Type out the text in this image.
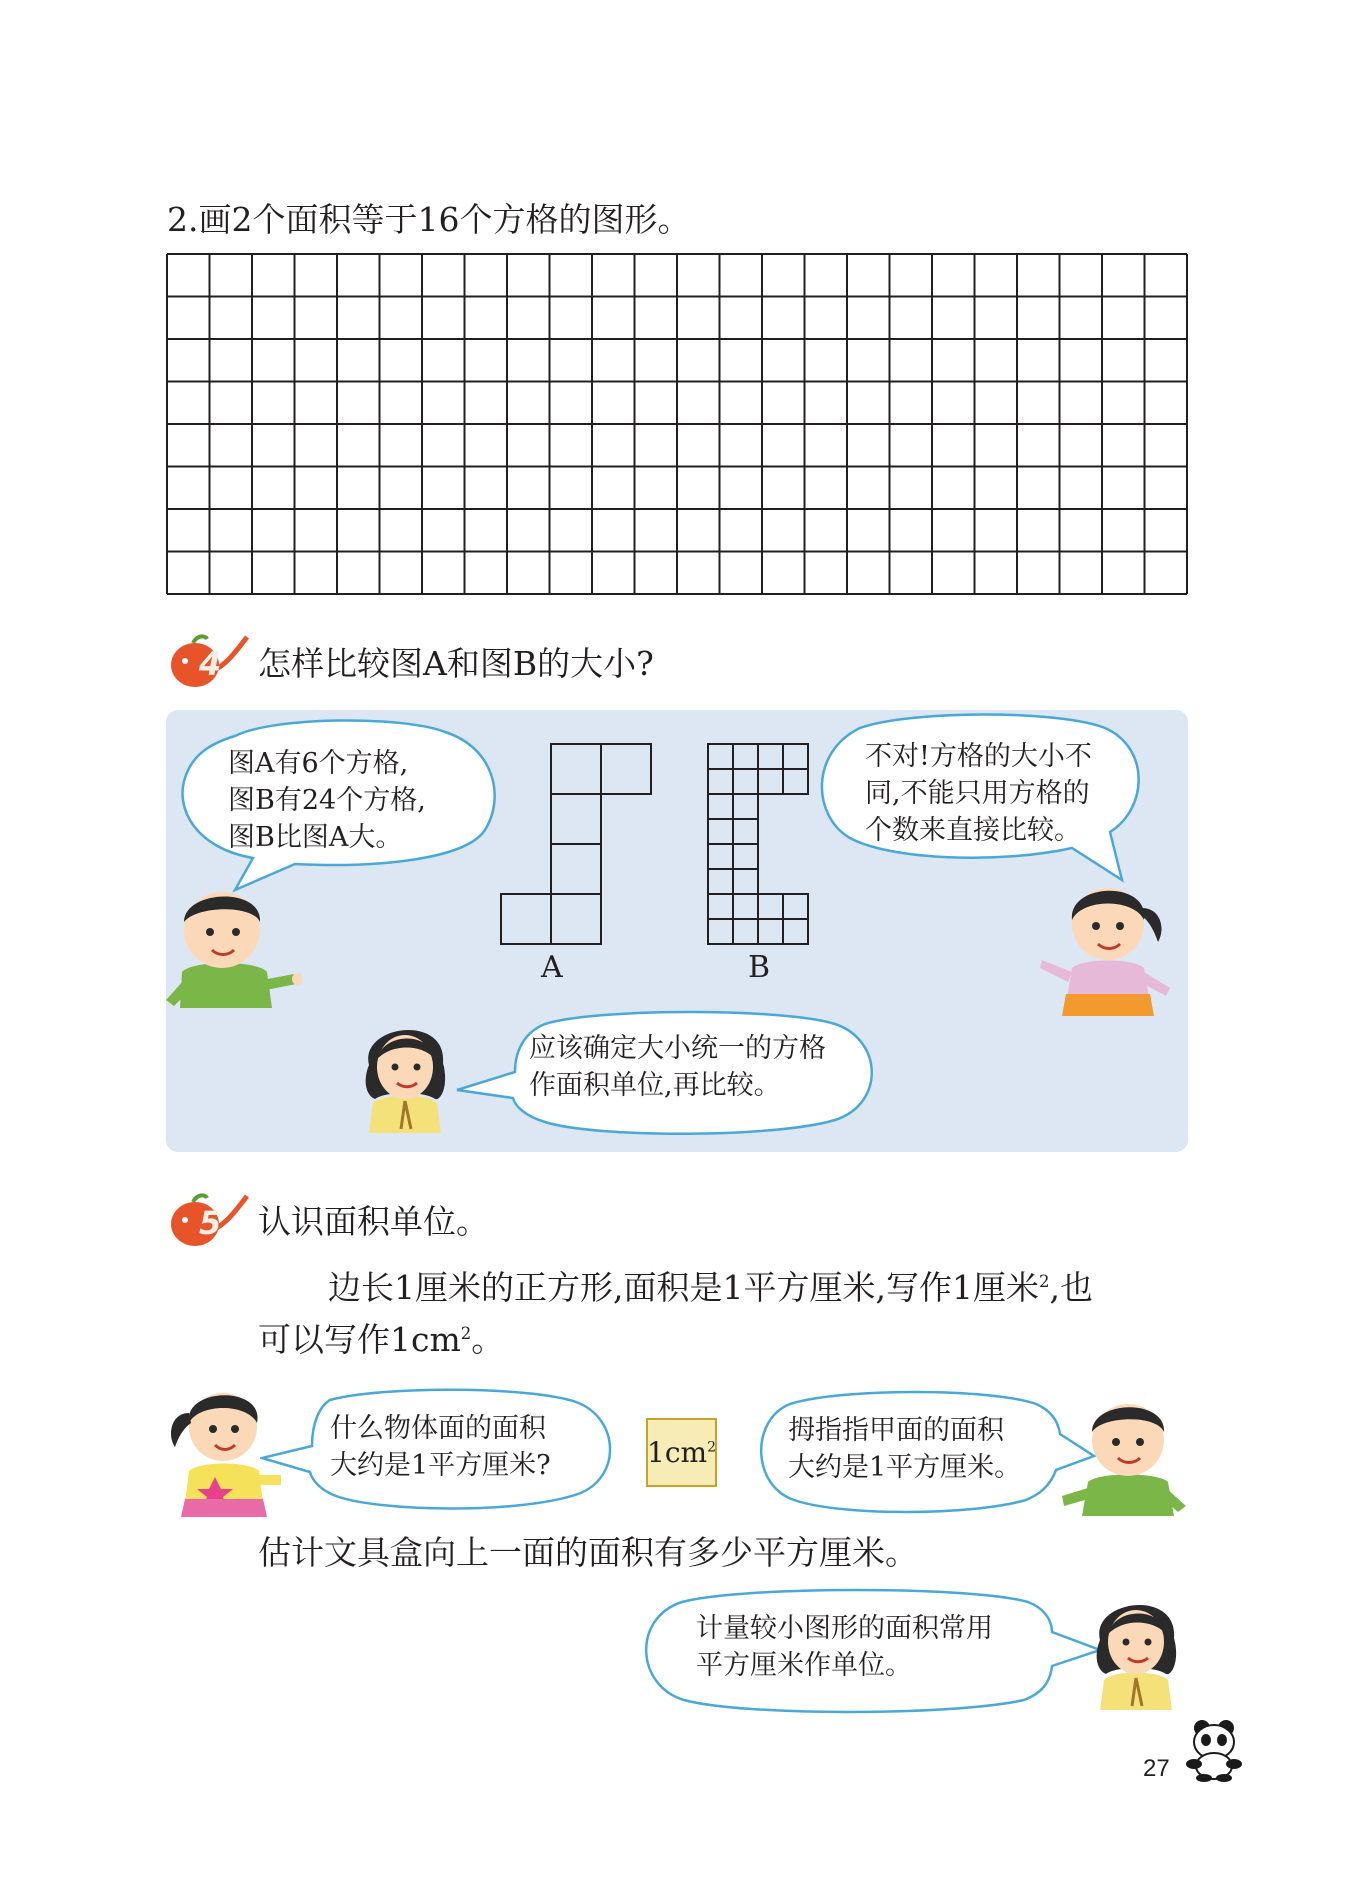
2.画2个面积等于16个方格的图形。
4 怎样比较图A和图B的大小?
图A有6个方格,
图B有24个方格,
图B比图A大。
A	B
不对!方格的大小不
同,不能只用方格的
个数来直接比较。
应该确定大小统一的方格
作面积单位,再比较。
5 认识面积单位。
边长1厘米的正方形,面积是1平方厘米,写作1厘米$^2$,也
可以写作$1cm^2$。
什么物体面的面积
大约是1平方厘米?	$1cm^2$
拇指指甲面的面积
大约是1平方厘米。
估计文具盒向上一面的面积有多少平方厘米。
计量较小图形的面积常用
平方厘米作单位。
27
